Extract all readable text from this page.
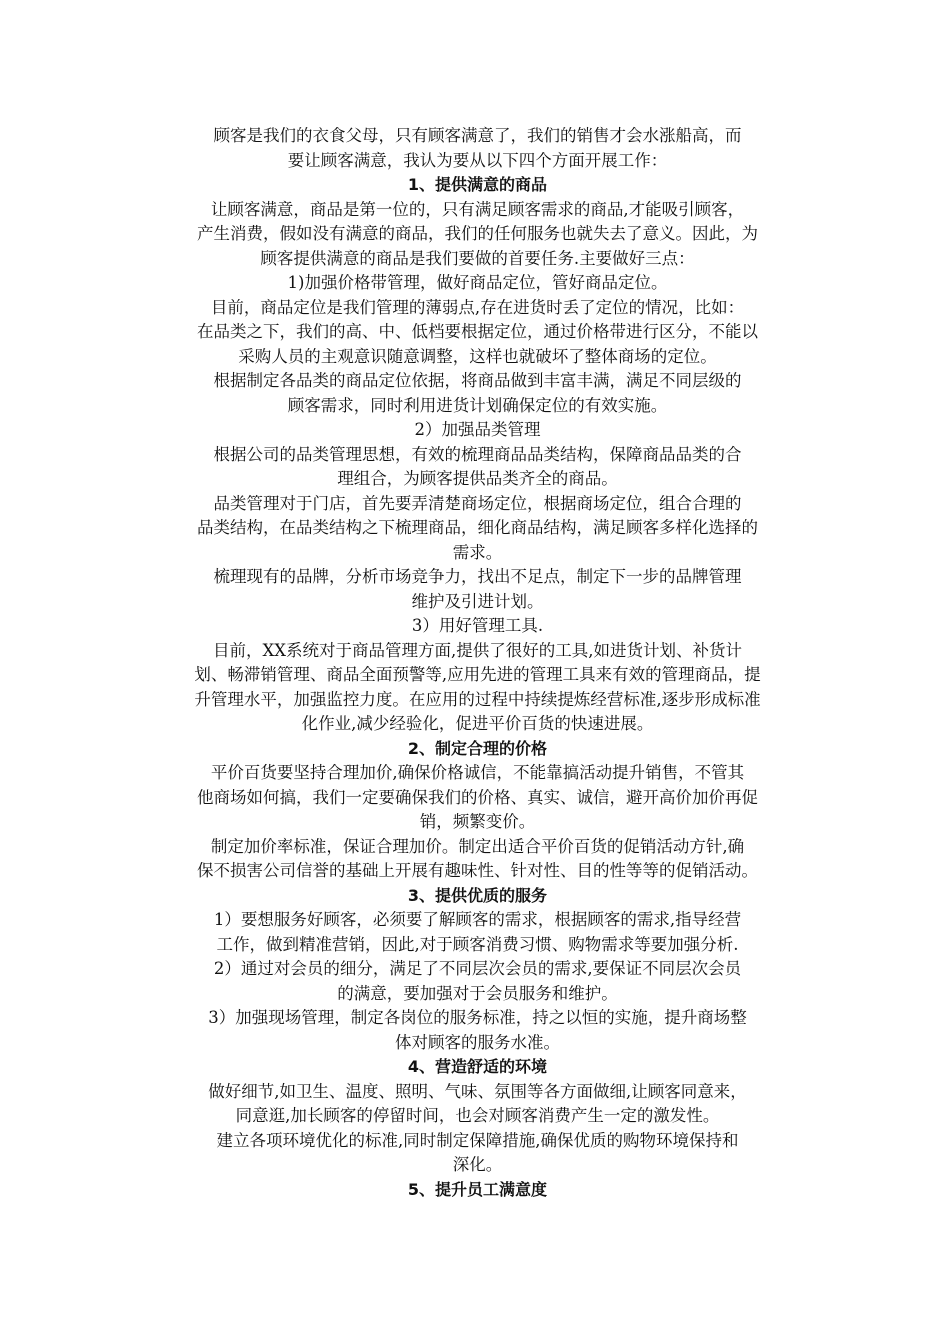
顾客是我们的衣食父母，只有顾客满意了，我们的销售才会水涨船高，而
要让顾客满意，我认为要从以下四个方面开展工作：
1、提供满意的商品
让顾客满意，商品是第一位的，只有满足顾客需求的商品,才能吸引顾客，
产生消费，假如没有满意的商品，我们的任何服务也就失去了意义。因此，为
顾客提供满意的商品是我们要做的首要任务.主要做好三点：
1)加强价格带管理，做好商品定位，管好商品定位。
目前，商品定位是我们管理的薄弱点,存在进货时丢了定位的情况，比如：
在品类之下，我们的高、中、低档要根据定位，通过价格带进行区分，不能以
采购人员的主观意识随意调整，这样也就破坏了整体商场的定位。
根据制定各品类的商品定位依据，将商品做到丰富丰满，满足不同层级的
顾客需求，同时利用进货计划确保定位的有效实施。
2）加强品类管理
根据公司的品类管理思想，有效的梳理商品品类结构，保障商品品类的合
理组合，为顾客提供品类齐全的商品。
品类管理对于门店，首先要弄清楚商场定位，根据商场定位，组合合理的
品类结构，在品类结构之下梳理商品，细化商品结构，满足顾客多样化选择的
需求。
梳理现有的品牌，分析市场竞争力，找出不足点，制定下一步的品牌管理
维护及引进计划。
3）用好管理工具.
目前，XX系统对于商品管理方面,提供了很好的工具,如进货计划、补货计
划、畅滞销管理、商品全面预警等,应用先进的管理工具来有效的管理商品，提
升管理水平，加强监控力度。在应用的过程中持续提炼经营标准,逐步形成标准
化作业,减少经验化，促进平价百货的快速进展。
2、制定合理的价格
平价百货要坚持合理加价,确保价格诚信，不能靠搞活动提升销售，不管其
他商场如何搞，我们一定要确保我们的价格、真实、诚信，避开高价加价再促
销，频繁变价。
制定加价率标准，保证合理加价。制定出适合平价百货的促销活动方针,确
保不损害公司信誉的基础上开展有趣味性、针对性、目的性等等的促销活动。
3、提供优质的服务
1）要想服务好顾客，必须要了解顾客的需求，根据顾客的需求,指导经营
工作，做到精准营销，因此,对于顾客消费习惯、购物需求等要加强分析.
2）通过对会员的细分，满足了不同层次会员的需求,要保证不同层次会员
的满意，要加强对于会员服务和维护。
3）加强现场管理，制定各岗位的服务标准，持之以恒的实施，提升商场整
体对顾客的服务水准。
4、营造舒适的环境
做好细节,如卫生、温度、照明、气味、氛围等各方面做细,让顾客同意来，
同意逛,加长顾客的停留时间，也会对顾客消费产生一定的激发性。
建立各项环境优化的标准,同时制定保障措施,确保优质的购物环境保持和
深化。
5、提升员工满意度
